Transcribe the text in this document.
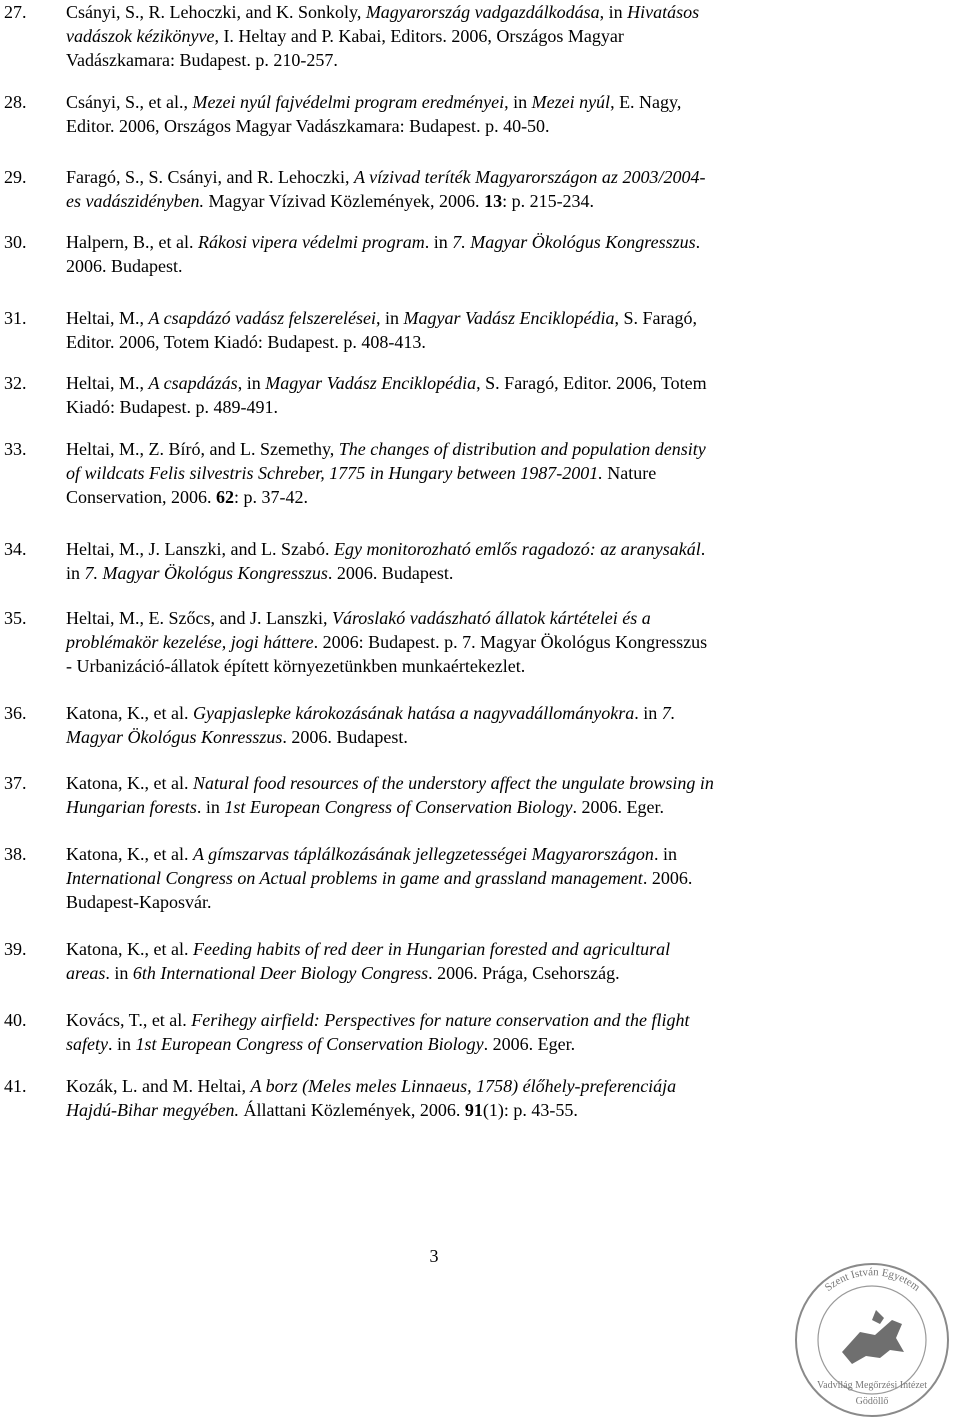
27. Csányi, S., R. Lehoczki, and K. Sonkoly, Magyarország vadgazdálkodása, in Hivatásos
vadászok kézikönyve, I. Heltay and P. Kabai, Editors. 2006, Országos Magyar
Vadászkamara: Budapest. p. 210-257.
28. Csányi, S., et al., Mezei nyúl fajvédelmi program eredményei, in Mezei nyúl, E. Nagy,
Editor. 2006, Országos Magyar Vadászkamara: Budapest. p. 40-50.
29. Faragó, S., S. Csányi, and R. Lehoczki, A vízivad teríték Magyarországon az 2003/2004-
es vadászidényben. Magyar Vízivad Közlemények, 2006. 13: p. 215-234.
30. Halpern, B., et al. Rákosi vipera védelmi program. in 7. Magyar Ökológus Kongresszus.
2006. Budapest.
31. Heltai, M., A csapdázó vadász felszerelései, in Magyar Vadász Enciklopédia, S. Faragó,
Editor. 2006, Totem Kiadó: Budapest. p. 408-413.
32. Heltai, M., A csapdázás, in Magyar Vadász Enciklopédia, S. Faragó, Editor. 2006, Totem
Kiadó: Budapest. p. 489-491.
33. Heltai, M., Z. Bíró, and L. Szemethy, The changes of distribution and population density
of wildcats Felis silvestris Schreber, 1775 in Hungary between 1987-2001. Nature
Conservation, 2006. 62: p. 37-42.
34. Heltai, M., J. Lanszki, and L. Szabó. Egy monitorozható emlős ragadozó: az aranysakál.
in 7. Magyar Ökológus Kongresszus. 2006. Budapest.
35. Heltai, M., E. Szőcs, and J. Lanszki, Városlakó vadászható állatok kártételei és a
problémakör kezelése, jogi háttere. 2006: Budapest. p. 7. Magyar Ökológus Kongresszus
- Urbanizáció-állatok épített környezetünkben munkaértekezlet.
36. Katona, K., et al. Gyapjaslepke károkozásának hatása a nagyvadállományokra. in 7.
Magyar Ökológus Konresszus. 2006. Budapest.
37. Katona, K., et al. Natural food resources of the understory affect the ungulate browsing in
Hungarian forests. in 1st European Congress of Conservation Biology. 2006. Eger.
38. Katona, K., et al. A gímszarvas táplálkozásának jellegzetességei Magyarországon. in
International Congress on Actual problems in game and grassland management. 2006.
Budapest-Kaposvár.
39. Katona, K., et al. Feeding habits of red deer in Hungarian forested and agricultural
areas. in 6th International Deer Biology Congress. 2006. Prága, Csehország.
40. Kovács, T., et al. Ferihegy airfield: Perspectives for nature conservation and the flight
safety. in 1st European Congress of Conservation Biology. 2006. Eger.
41. Kozák, L. and M. Heltai, A borz (Meles meles Linnaeus, 1758) élőhely-preferenciája
Hajdú-Bihar megyében. Állattani Közlemények, 2006. 91(1): p. 43-55.
3
Szent István Egyetem
Vadvilág Megőrzési Intézet
Gödöllő
